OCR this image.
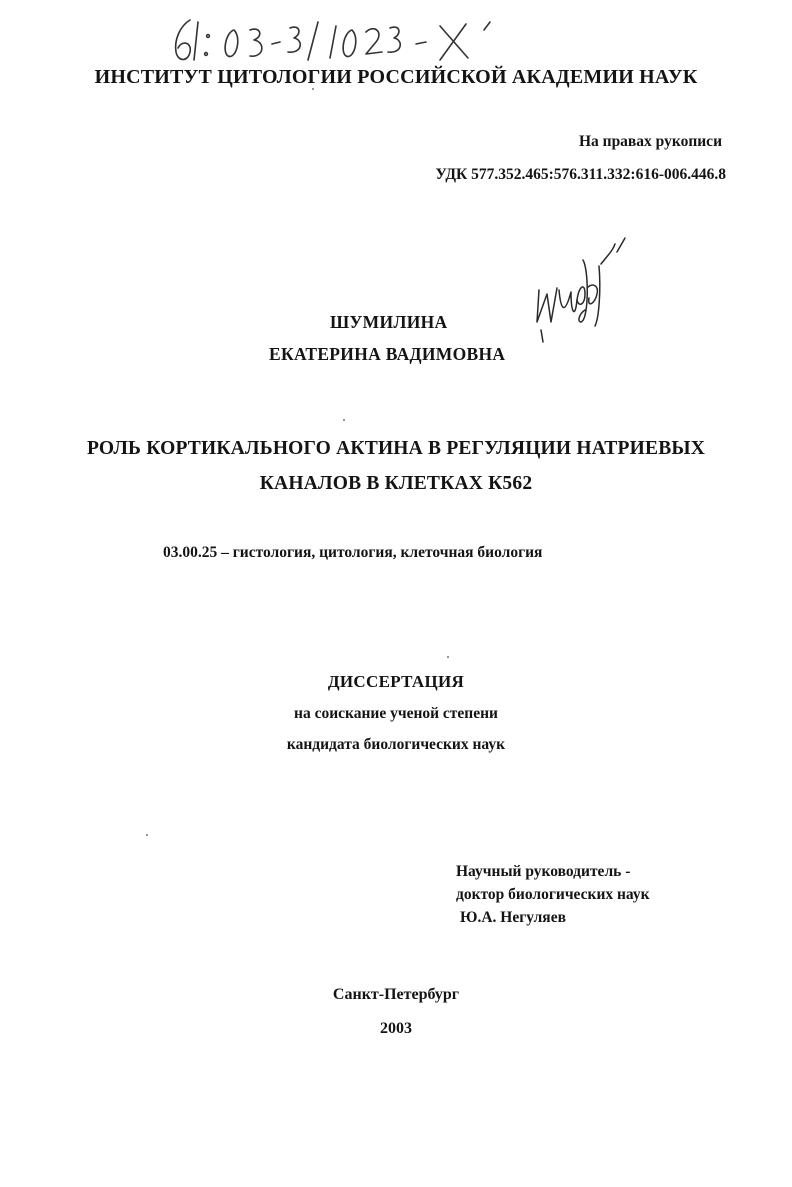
61: 03-3/1023-X
ИНСТИТУТ ЦИТОЛОГИИ РОССИЙСКОЙ АКАДЕМИИ НАУК
На правах рукописи
УДК 577.352.465:576.311.332:616-006.446.8
ШУМИЛИНА
ЕКАТЕРИНА ВАДИМОВНА
РОЛЬ КОРТИКАЛЬНОГО АКТИНА В РЕГУЛЯЦИИ НАТРИЕВЫХ
КАНАЛОВ В КЛЕТКАХ К562
03.00.25 – гистология, цитология, клеточная биология
ДИССЕРТАЦИЯ
на соискание ученой степени
кандидата биологических наук
Научный руководитель -
доктор биологических наук
Ю.А. Негуляев
Санкт-Петербург
2003
